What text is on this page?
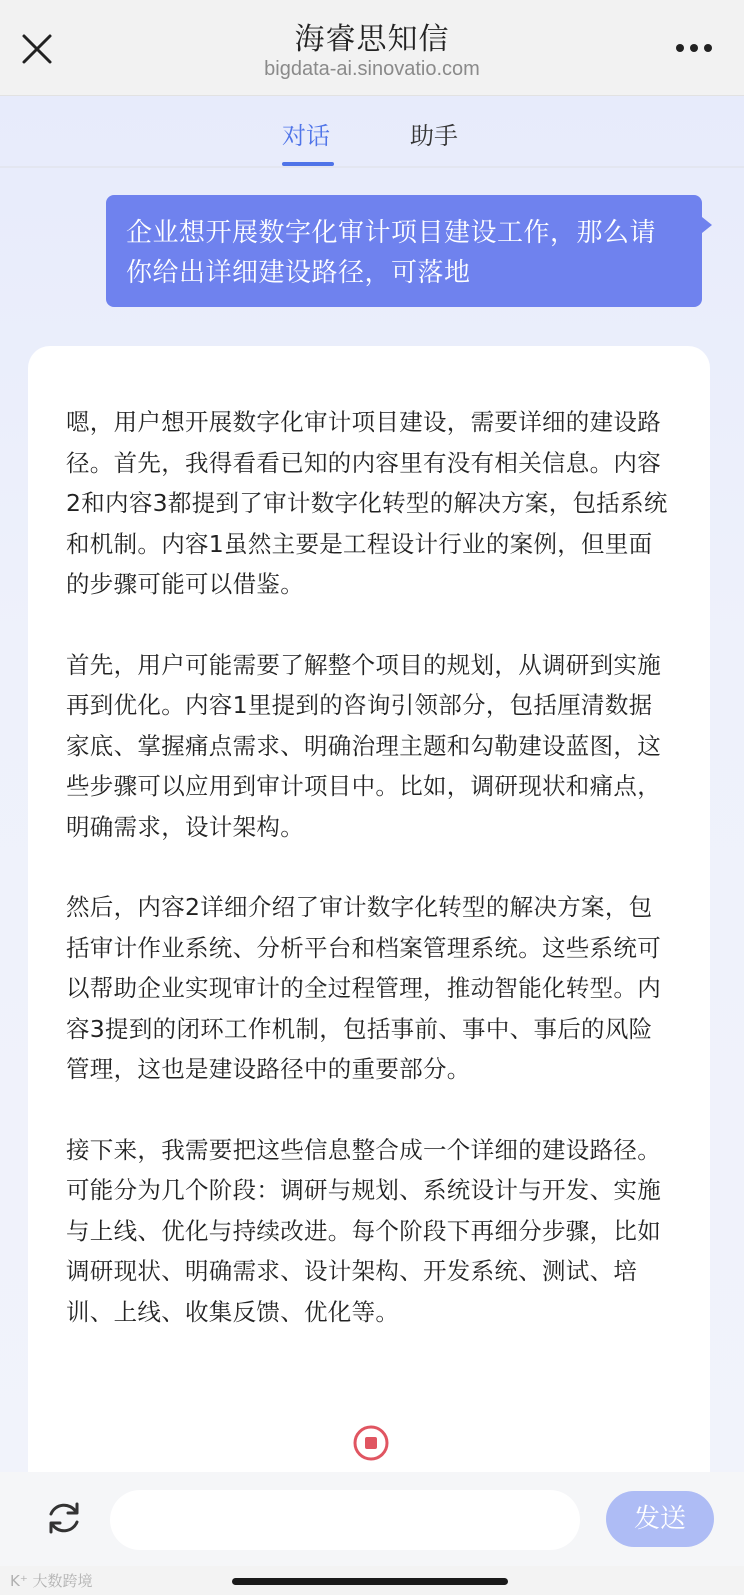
海睿思知信
bigdata-ai.sinovatio.com
对话	助手
企业想开展数字化审计项目建设工作，那么请你给出详细建设路径，可落地

嗯，用户想开展数字化审计项目建设，需要详细的建设路径。首先，我得看看已知的内容里有没有相关信息。内容2和内容3都提到了审计数字化转型的解决方案，包括系统和机制。内容1虽然主要是工程设计行业的案例，但里面的步骤可能可以借鉴。

首先，用户可能需要了解整个项目的规划，从调研到实施再到优化。内容1里提到的咨询引领部分，包括厘清数据家底、掌握痛点需求、明确治理主题和勾勒建设蓝图，这些步骤可以应用到审计项目中。比如，调研现状和痛点，明确需求，设计架构。

然后，内容2详细介绍了审计数字化转型的解决方案，包括审计作业系统、分析平台和档案管理系统。这些系统可以帮助企业实现审计的全过程管理，推动智能化转型。内容3提到的闭环工作机制，包括事前、事中、事后的风险管理，这也是建设路径中的重要部分。

接下来，我需要把这些信息整合成一个详细的建设路径。可能分为几个阶段：调研与规划、系统设计与开发、实施与上线、优化与持续改进。每个阶段下再细分步骤，比如调研现状、明确需求、设计架构、开发系统、测试、培训、上线、收集反馈、优化等。

发送
K⁺ 大数跨境
